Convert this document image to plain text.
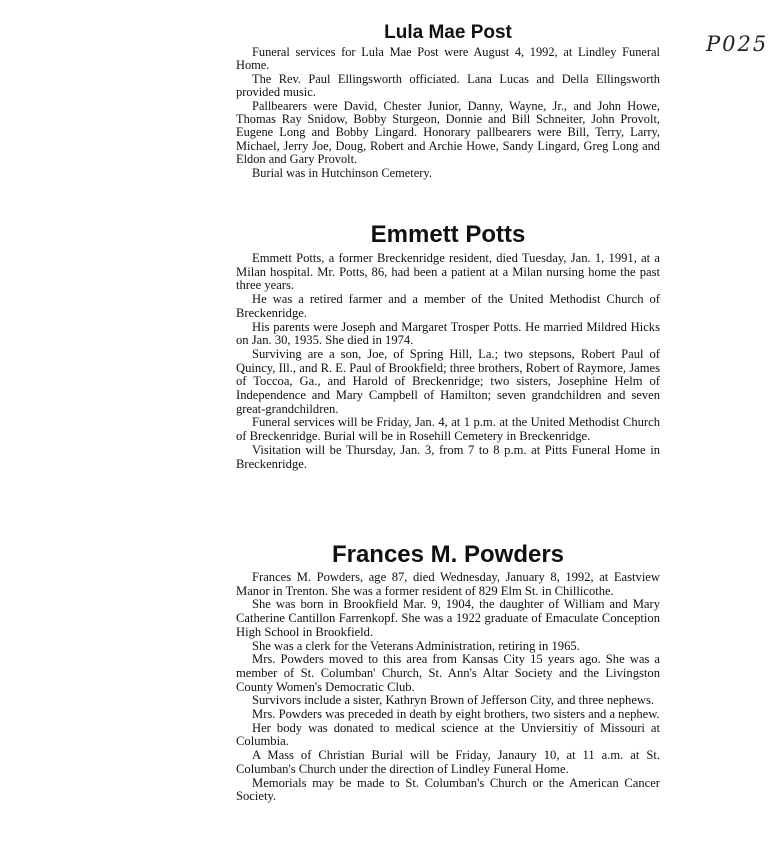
P025
Lula Mae Post

Funeral services for Lula Mae Post were August 4, 1992, at Lindley Funeral Home.

The Rev. Paul Ellingsworth officiated. Lana Lucas and Della Ellingsworth provided music.

Pallbearers were David, Chester Junior, Danny, Wayne, Jr., and John Howe, Thomas Ray Snidow, Bobby Sturgeon, Donnie and Bill Schneiter, John Provolt, Eugene Long and Bobby Lingard. Honorary pallbearers were Bill, Terry, Larry, Michael, Jerry Joe, Doug, Robert and Archie Howe, Sandy Lingard, Greg Long and Eldon and Gary Provolt.

Burial was in Hutchinson Cemetery.

Emmett Potts

Emmett Potts, a former Breckenridge resident, died Tuesday, Jan. 1, 1991, at a Milan hospital. Mr. Potts, 86, had been a patient at a Milan nursing home the past three years.

He was a retired farmer and a member of the United Methodist Church of Breckenridge.

His parents were Joseph and Margaret Trosper Potts. He married Mildred Hicks on Jan. 30, 1935. She died in 1974.

Surviving are a son, Joe, of Spring Hill, La.; two stepsons, Robert Paul of Quincy, Ill., and R. E. Paul of Brookfield; three brothers, Robert of Raymore, James of Toccoa, Ga., and Harold of Breckenridge; two sisters, Josephine Helm of Independence and Mary Campbell of Hamilton; seven grandchildren and seven great-grandchildren.

Funeral services will be Friday, Jan. 4, at 1 p.m. at the United Methodist Church of Breckenridge. Burial will be in Rosehill Cemetery in Breckenridge.

Visitation will be Thursday, Jan. 3, from 7 to 8 p.m. at Pitts Funeral Home in Breckenridge.

Frances M. Powders

Frances M. Powders, age 87, died Wednesday, January 8, 1992, at Eastview Manor in Trenton. She was a former resident of 829 Elm St. in Chillicothe.

She was born in Brookfield Mar. 9, 1904, the daughter of William and Mary Catherine Cantillon Farrenkopf. She was a 1922 graduate of Emaculate Conception High School in Brookfield.

She was a clerk for the Veterans Administration, retiring in 1965.

Mrs. Powders moved to this area from Kansas City 15 years ago. She was a member of St. Columban' Church, St. Ann's Altar Society and the Livingston County Women's Democratic Club.

Survivors include a sister, Kathryn Brown of Jefferson City, and three nephews.

Mrs. Powders was preceded in death by eight brothers, two sisters and a nephew.

Her body was donated to medical science at the Unviersitiy of Missouri at Columbia.

A Mass of Christian Burial will be Friday, Janaury 10, at 11 a.m. at St. Columban's Church under the direction of Lindley Funeral Home.

Memorials may be made to St. Columban's Church or the American Cancer Society.
